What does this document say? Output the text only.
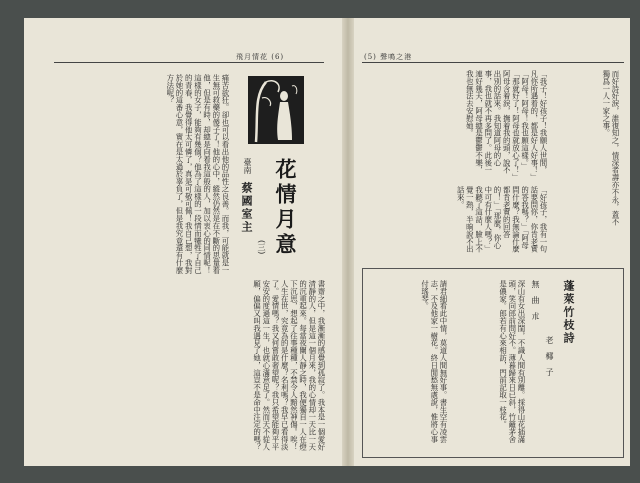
飛月情花 (6)
花情月意
(三)
臺南
蔡國室主
痛苦欲狂。卻也可以看出他的品性之良善。而我，可能就是一生無可救藥的傻子了！他的心中，縱然仍然是在不斷的思量着他，但是有時，却總是向着我這般的人，加以衷心的同情呢！這樣的女子，能夠有幾個？他為了這樣的一段情而犧牲了自己的青春，我覺得他太可憐了，真是可敬可佩！我自己想，我對於她的這番心意，實在是太過於辜負了，但是我究竟還有什麼方法呢？
書齋之中，我漸漸的感覺到孤寂了。我本是一個愛好清靜的人，但是這一個月來，我的心情却一天比一天的沉重起來。每當夜闌人靜之時，我便獨自一人在燈下沉思，想起了往事種種，不禁令人黯然神傷。唉！人生在世，究竟為的是什麼？名利嗎？我早已看得淡了。愛情嗎？我又何嘗敢奢望呢？我只希望能夠平平安安的度過這一生，也就心滿意足了。然而天不從人願，偏偏又叫我遇見了她，這豈不是命中注定的嗎？
(5) 聲鳴之港
而好詩好淚，誰復知之，情深者壽亦不永，蓋不獨爲一人一家之事。
「我子！好孩子！我願人世間，凡你所遇着的，都是好人好事！」「阿母！阿母！我也願這樣。」「那就好了！阿母也就放心了！」阿母含着淚，撫着我的頭，說不出別的話來。我知道阿母的心事，我也就不再多問了。此後一連好幾天，阿母總是鬱鬱不樂，我也無法去安慰她。
「好孩子，我有一句話要問你，你肯老實的答我嗎？」「阿母問什麼？我無論什麼都肯老實的回答的！」「那麼，你心中可有什麼人嗎？」我聽了這話，臉上不覺一熱，半晌說不出話來。
蓬萊竹枝詩
老　椰　子
無　曲　朮
深山有女出深閨，不識人間有別離。採得山花插滿頭，笑向郎前問好不。薄暮歸來日已斜，竹籬茅舍是儂家。郎若有心來相訪，門前記取一枝花。
請君細看此中情，莫道人間無好事。書生空有凌雲志，不及他家一樹花。終日閒愁無處說，惟將心事付瑤琴。
